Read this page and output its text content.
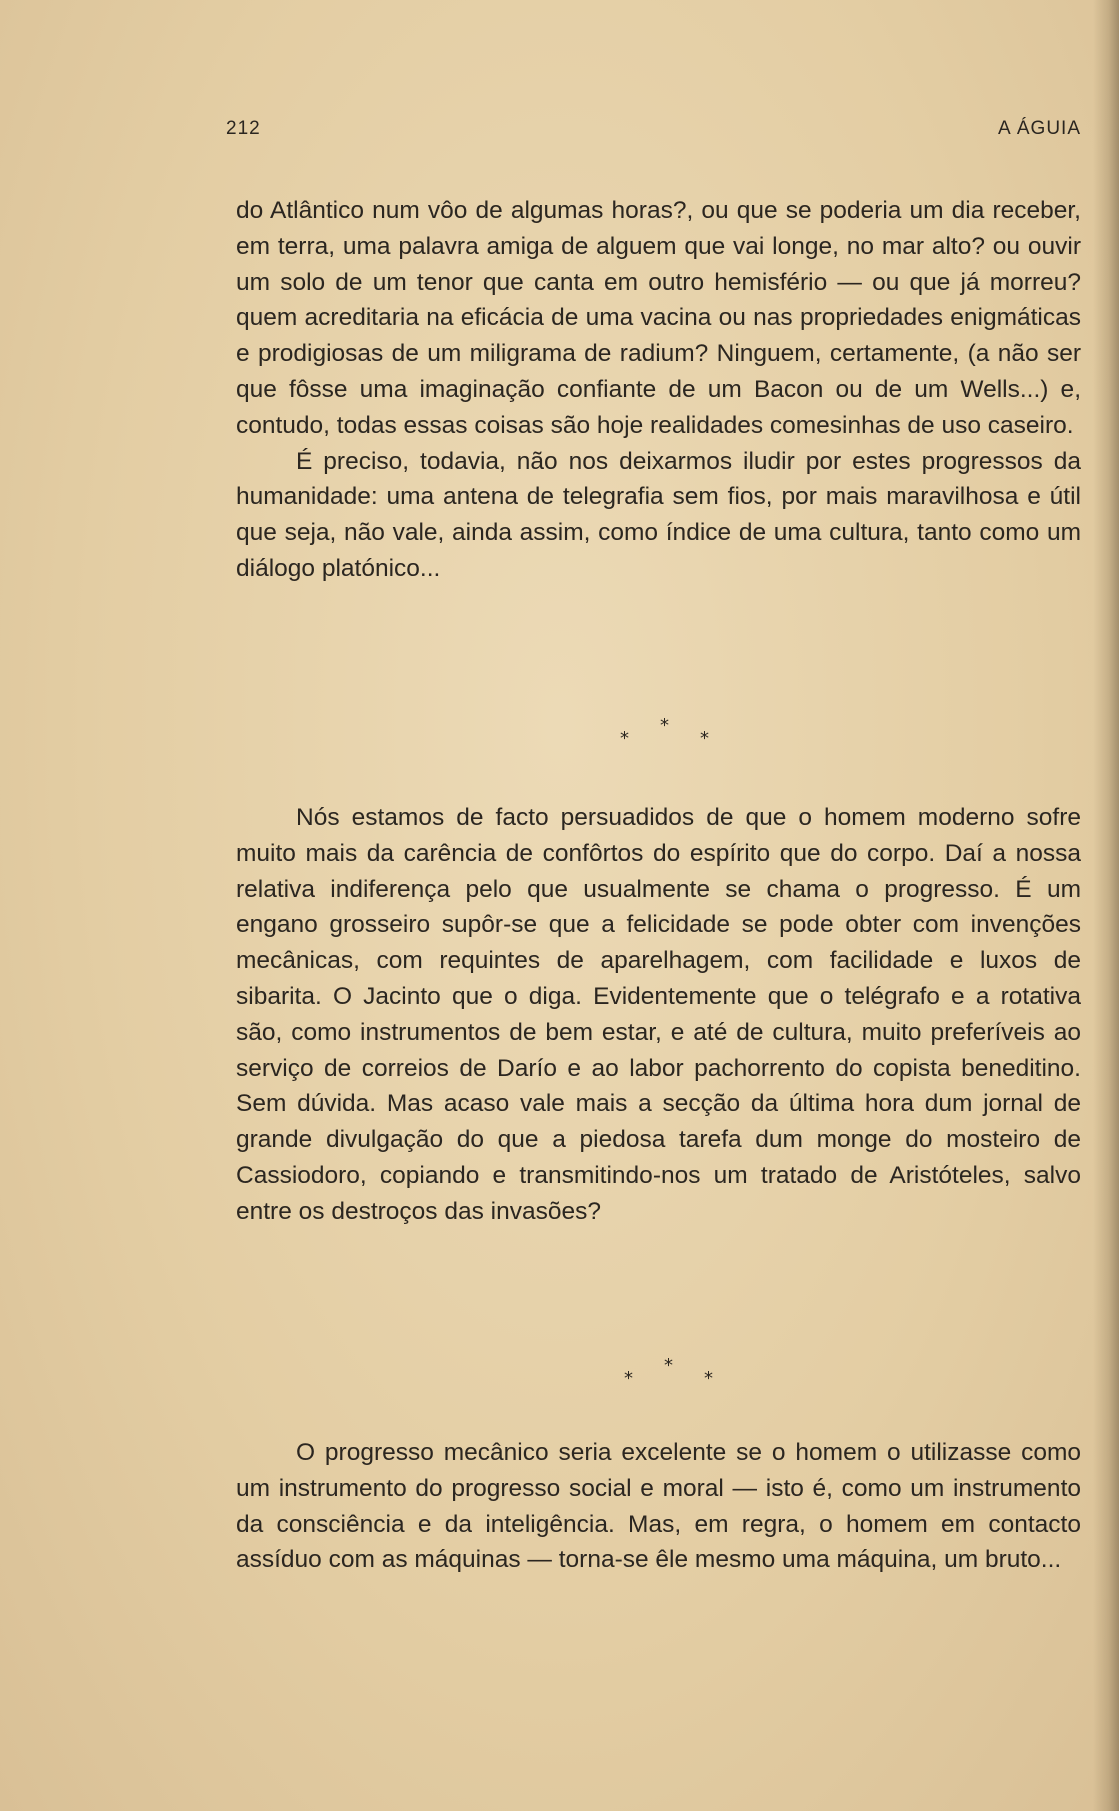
212	A ÁGUIA

do Atlântico num vôo de algumas horas?, ou que se poderia um dia receber, em terra, uma palavra amiga de alguem que vai longe, no mar alto? ou ouvir um solo de um tenor que canta em outro hemisfério — ou que já morreu? quem acreditaria na eficácia de uma vacina ou nas propriedades enigmáticas e prodigiosas de um miligrama de radium? Ninguem, certamente, (a não ser que fôsse uma imaginação confiante de um Bacon ou de um Wells...) e, contudo, todas essas coisas são hoje realidades comesinhas de uso caseiro.

É preciso, todavia, não nos deixarmos iludir por estes progressos da humanidade: uma antena de telegrafia sem fios, por mais maravilhosa e útil que seja, não vale, ainda assim, como índice de uma cultura, tanto como um diálogo platónico...

*
*	*

Nós estamos de facto persuadidos de que o homem moderno sofre muito mais da carência de confôrtos do espírito que do corpo. Daí a nossa relativa indiferença pelo que usualmente se chama o progresso. É um engano grosseiro supôr-se que a felicidade se pode obter com invenções mecânicas, com requintes de aparelhagem, com facilidade e luxos de sibarita. O Jacinto que o diga. Evidentemente que o telégrafo e a rotativa são, como instrumentos de bem estar, e até de cultura, muito preferíveis ao serviço de correios de Darío e ao labor pachorrento do copista beneditino. Sem dúvida. Mas acaso vale mais a secção da última hora dum jornal de grande divulgação do que a piedosa tarefa dum monge do mosteiro de Cassiodoro, copiando e transmitindo-nos um tratado de Aristóteles, salvo entre os destroços das invasões?

*
*	*

O progresso mecânico seria excelente se o homem o utilizasse como um instrumento do progresso social e moral — isto é, como um instrumento da consciência e da inteligência. Mas, em regra, o homem em contacto assíduo com as máquinas — torna-se êle mesmo uma máquina, um bruto...
